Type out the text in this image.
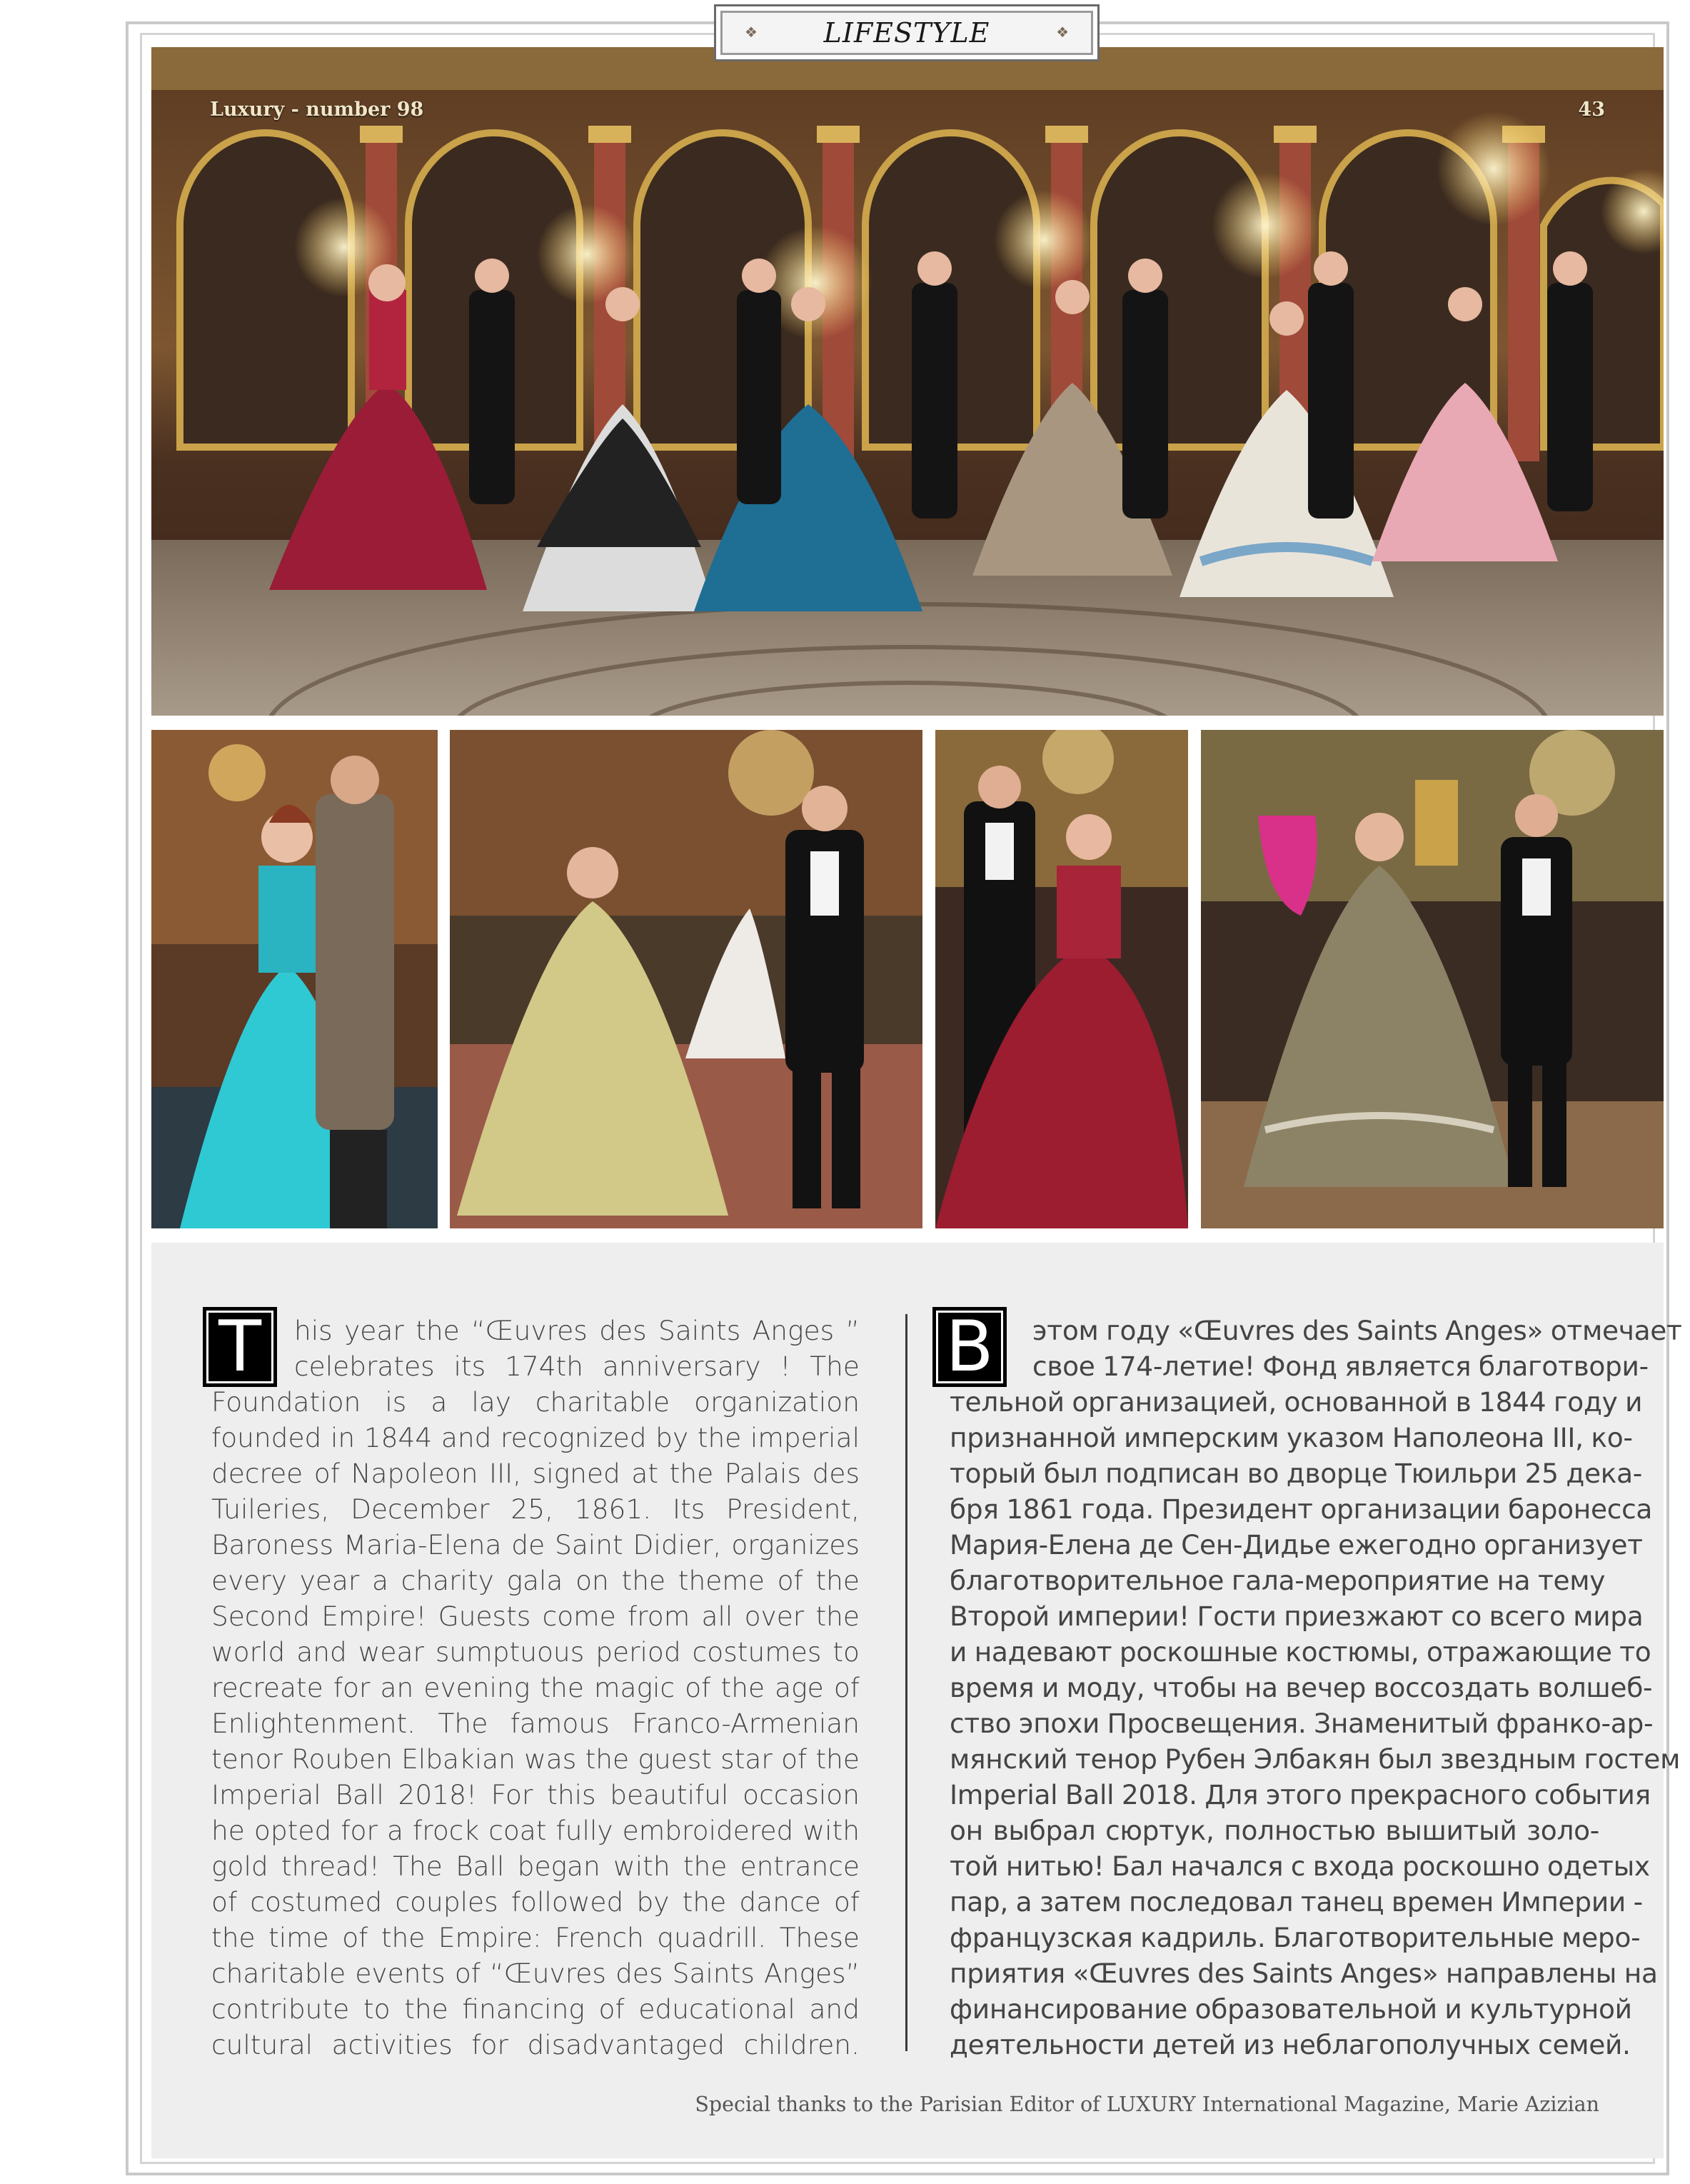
Luxury - number 98	43
❖ LIFESTYLE	❖
T	his year the “Œuvres des Saints Anges ”
celebrates its 174th anniversary ! The
Foundation is a lay charitable organization
founded in 1844 and recognized by the imperial
decree of Napoleon III, signed at the Palais des
Tuileries, December 25, 1861. Its President,
Baroness Maria-Elena de Saint Didier, organizes
every year a charity gala on the theme of the
Second Empire! Guests come from all over the
world and wear sumptuous period costumes to
recreate for an evening the magic of the age of
Enlightenment. The famous Franco-Armenian
tenor Rouben Elbakian was the guest star of the
Imperial Ball 2018! For this beautiful occasion
he opted for a frock coat fully embroidered with
gold thread! The Ball began with the entrance
of costumed couples followed by the dance of
the time of the Empire: French quadrill. These
charitable events of “Œuvres des Saints Anges”
contribute to the financing of educational and
cultural activities for disadvantaged children.
В	этом году «Œuvres des Saints Anges» отмечает
свое 174-летие! Фонд является благотвори-
тельной организацией, основанной в 1844 году и
признанной имперским указом Наполеона III, ко-
торый был подписан во дворце Тюильри 25 дека-
бря 1861 года. Президент организации баронесса
Мария-Елена де Сен-Дидье ежегодно организует
благотворительное гала-мероприятие на тему
Второй империи! Гости приезжают со всего мира
и надевают роскошные костюмы, отражающие то
время и моду, чтобы на вечер воссоздать волшеб-
ство эпохи Просвещения. Знаменитый франко-ар-
мянский тенор Рубен Элбакян был звездным гостем
Imperial Ball 2018. Для этого прекрасного события
он выбрал сюртук, полностью вышитый золо-
той нитью! Бал начался с входа роскошно одетых
пар, а затем последовал танец времен Империи -
французская кадриль. Благотворительные меро-
приятия «Œuvres des Saints Anges» направлены на
финансирование образовательной и культурной
деятельности детей из неблагополучных семей.
Special thanks to the Parisian Editor of LUXURY International Magazine, Marie Azizian
